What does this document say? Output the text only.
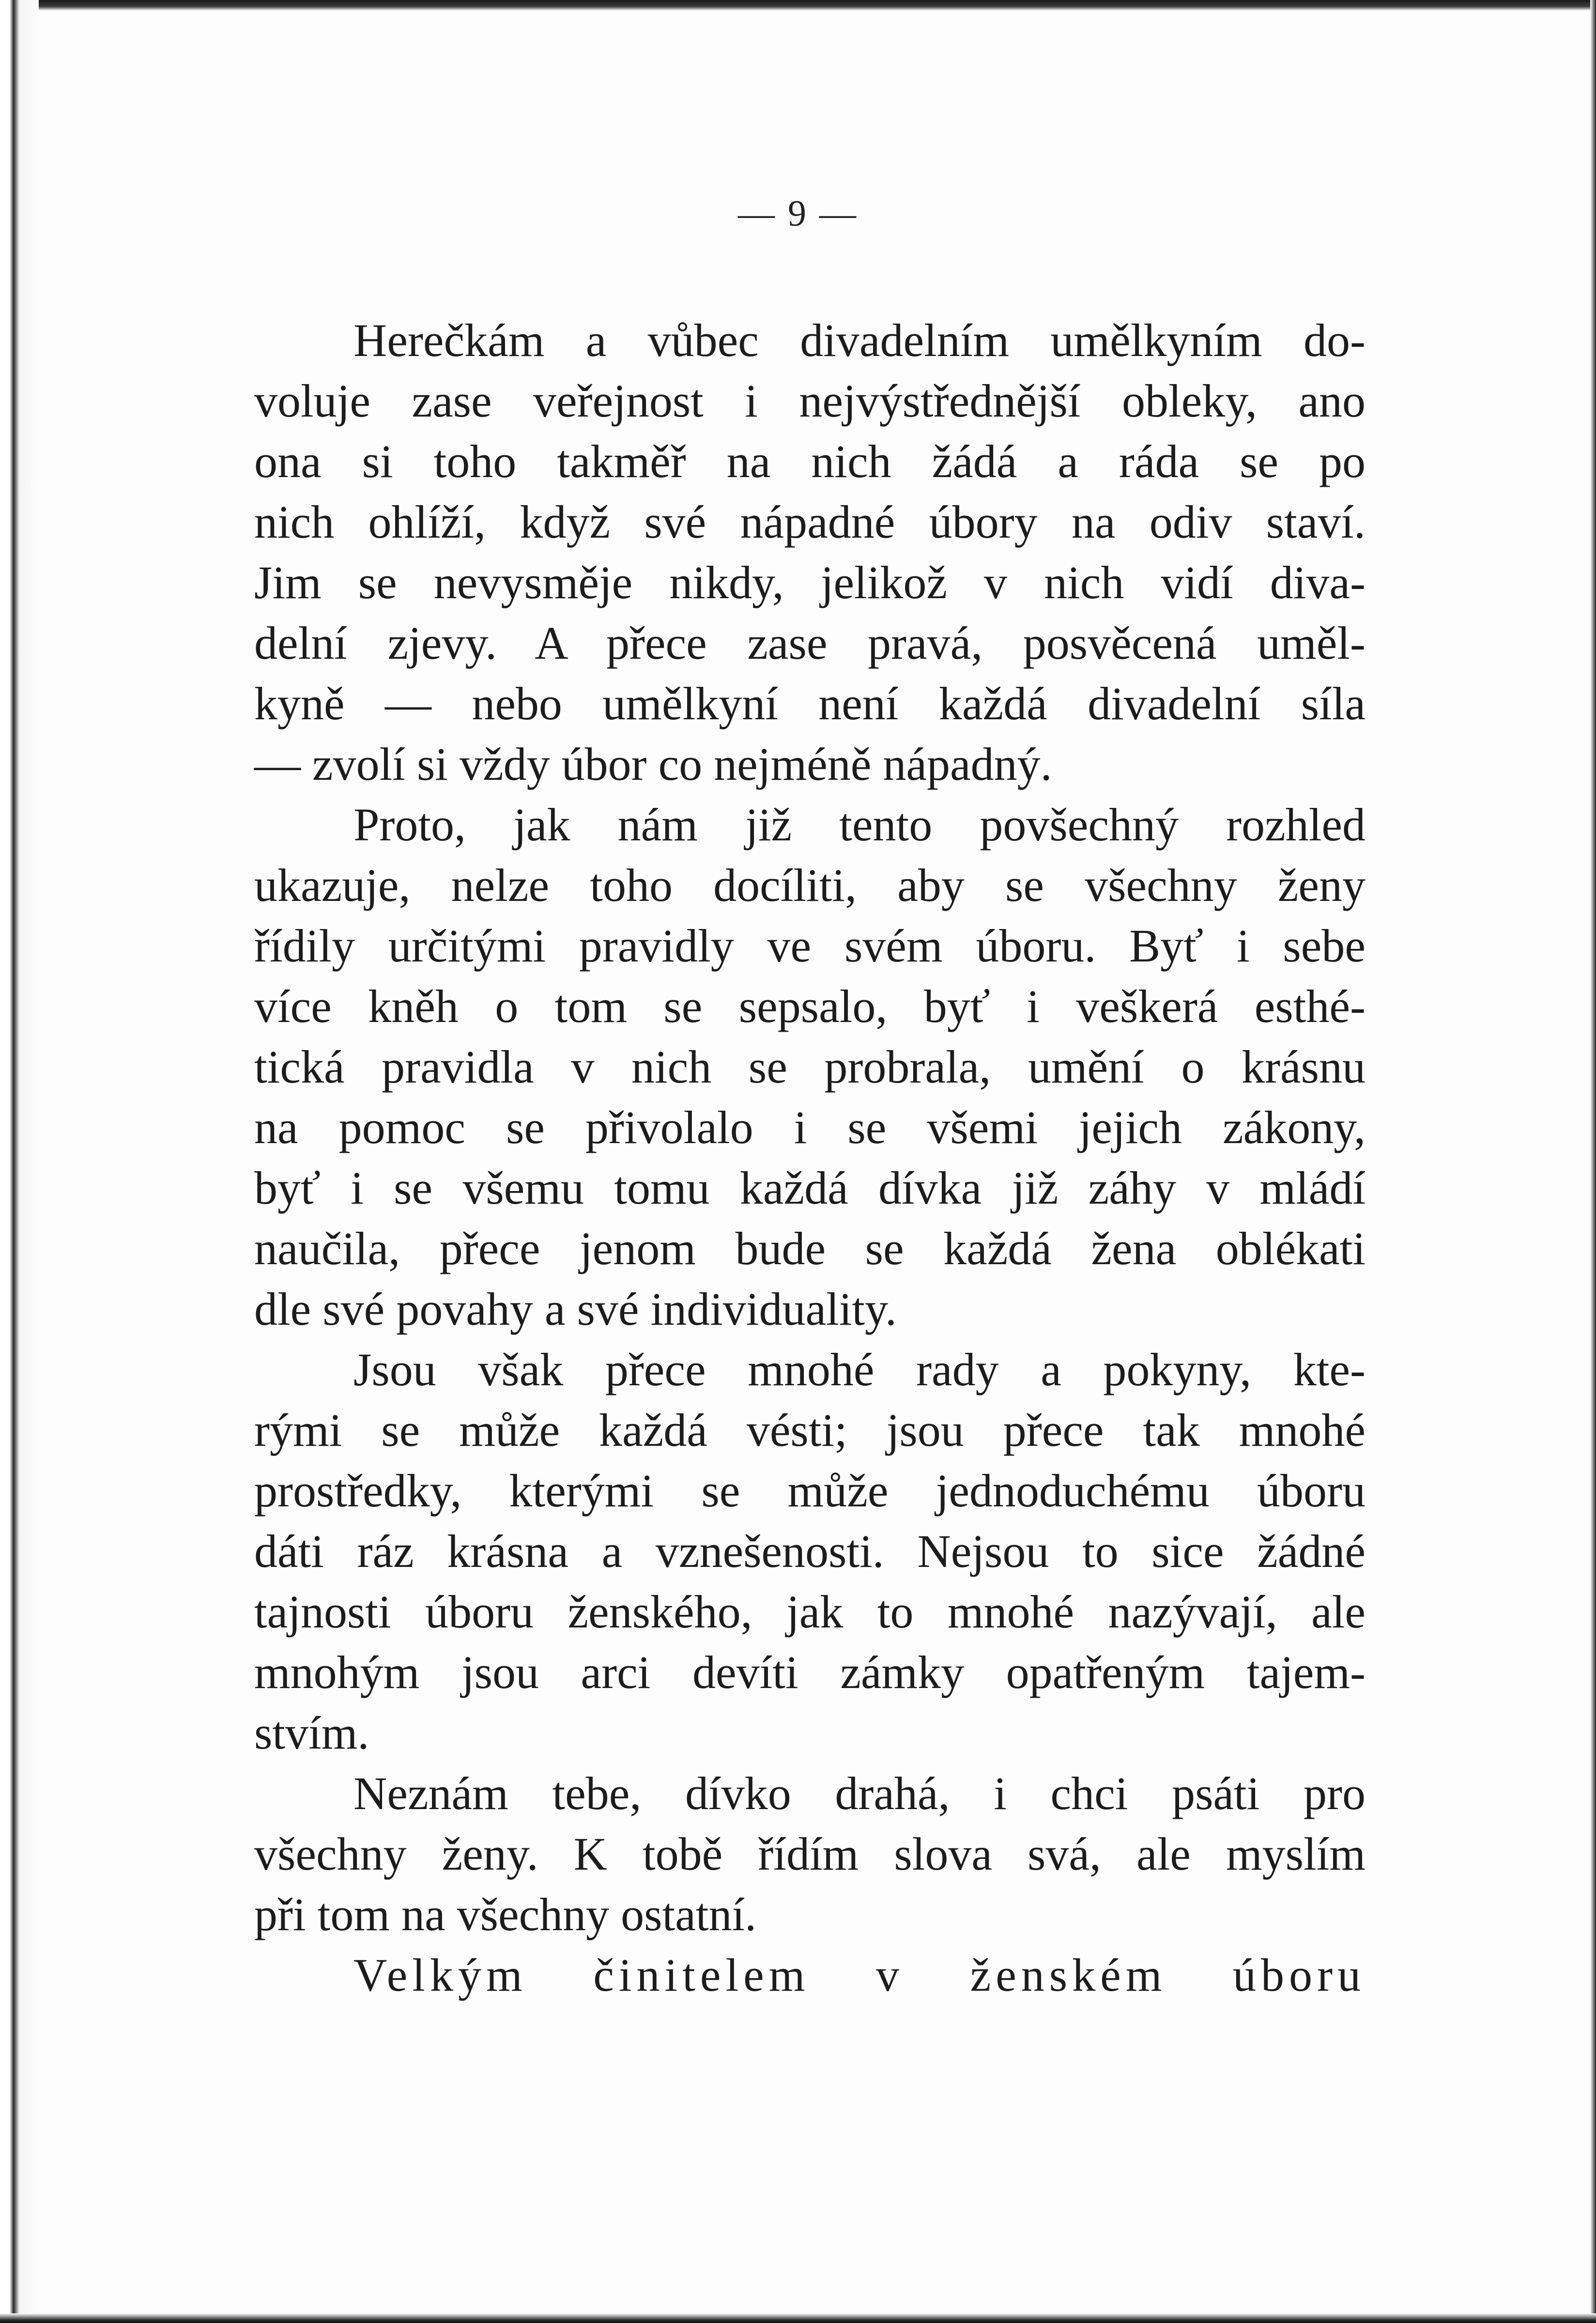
— 9 —
Herečkám a vůbec divadelním umělkyním do-
voluje zase veřejnost i nejvýstřednější obleky, ano
ona si toho takměř na nich žádá a ráda se po
nich ohlíží, když své nápadné úbory na odiv staví.
Jim se nevysměje nikdy, jelikož v nich vidí diva-
delní zjevy. A přece zase pravá, posvěcená uměl-
kyně — nebo umělkyní není každá divadelní síla
— zvolí si vždy úbor co nejméně nápadný.
Proto, jak nám již tento povšechný rozhled
ukazuje, nelze toho docíliti, aby se všechny ženy
řídily určitými pravidly ve svém úboru. Byť i sebe
více kněh o tom se sepsalo, byť i veškerá esthé-
tická pravidla v nich se probrala, umění o krásnu
na pomoc se přivolalo i se všemi jejich zákony,
byť i se všemu tomu každá dívka již záhy v mládí
naučila, přece jenom bude se každá žena oblékati
dle své povahy a své individuality.
Jsou však přece mnohé rady a pokyny, kte-
rými se může každá vésti; jsou přece tak mnohé
prostředky, kterými se může jednoduchému úboru
dáti ráz krásna a vznešenosti. Nejsou to sice žádné
tajnosti úboru ženského, jak to mnohé nazývají, ale
mnohým jsou arci devíti zámky opatřeným tajem-
stvím.
Neznám tebe, dívko drahá, i chci psáti pro
všechny ženy. K tobě řídím slova svá, ale myslím
při tom na všechny ostatní.
Velkým činitelem v ženském úboru
